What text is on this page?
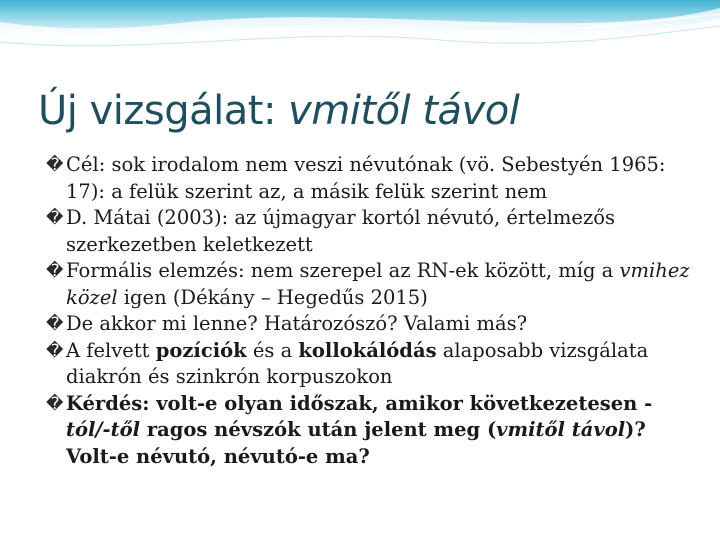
Új vizsgálat: vmitől távol
� Cél: sok irodalom nem veszi névutónak (vö. Sebestyén 1965: 17): a felük szerint az, a másik felük szerint nem
� D. Mátai (2003): az újmagyar kortól névutó, értelmezős szerkezetben keletkezett
� Formális elemzés: nem szerepel az RN-ek között, míg a vmihez közel igen (Dékány – Hegedűs 2015)
� De akkor mi lenne? Határozószó? Valami más?
� A felvett pozíciók és a kollokálódás alaposabb vizsgálata diakrón és szinkrón korpuszokon
� Kérdés: volt-e olyan időszak, amikor következetesen -tól/-től ragos névszók után jelent meg (vmitől távol)? Volt-e névutó, névutó-e ma?
